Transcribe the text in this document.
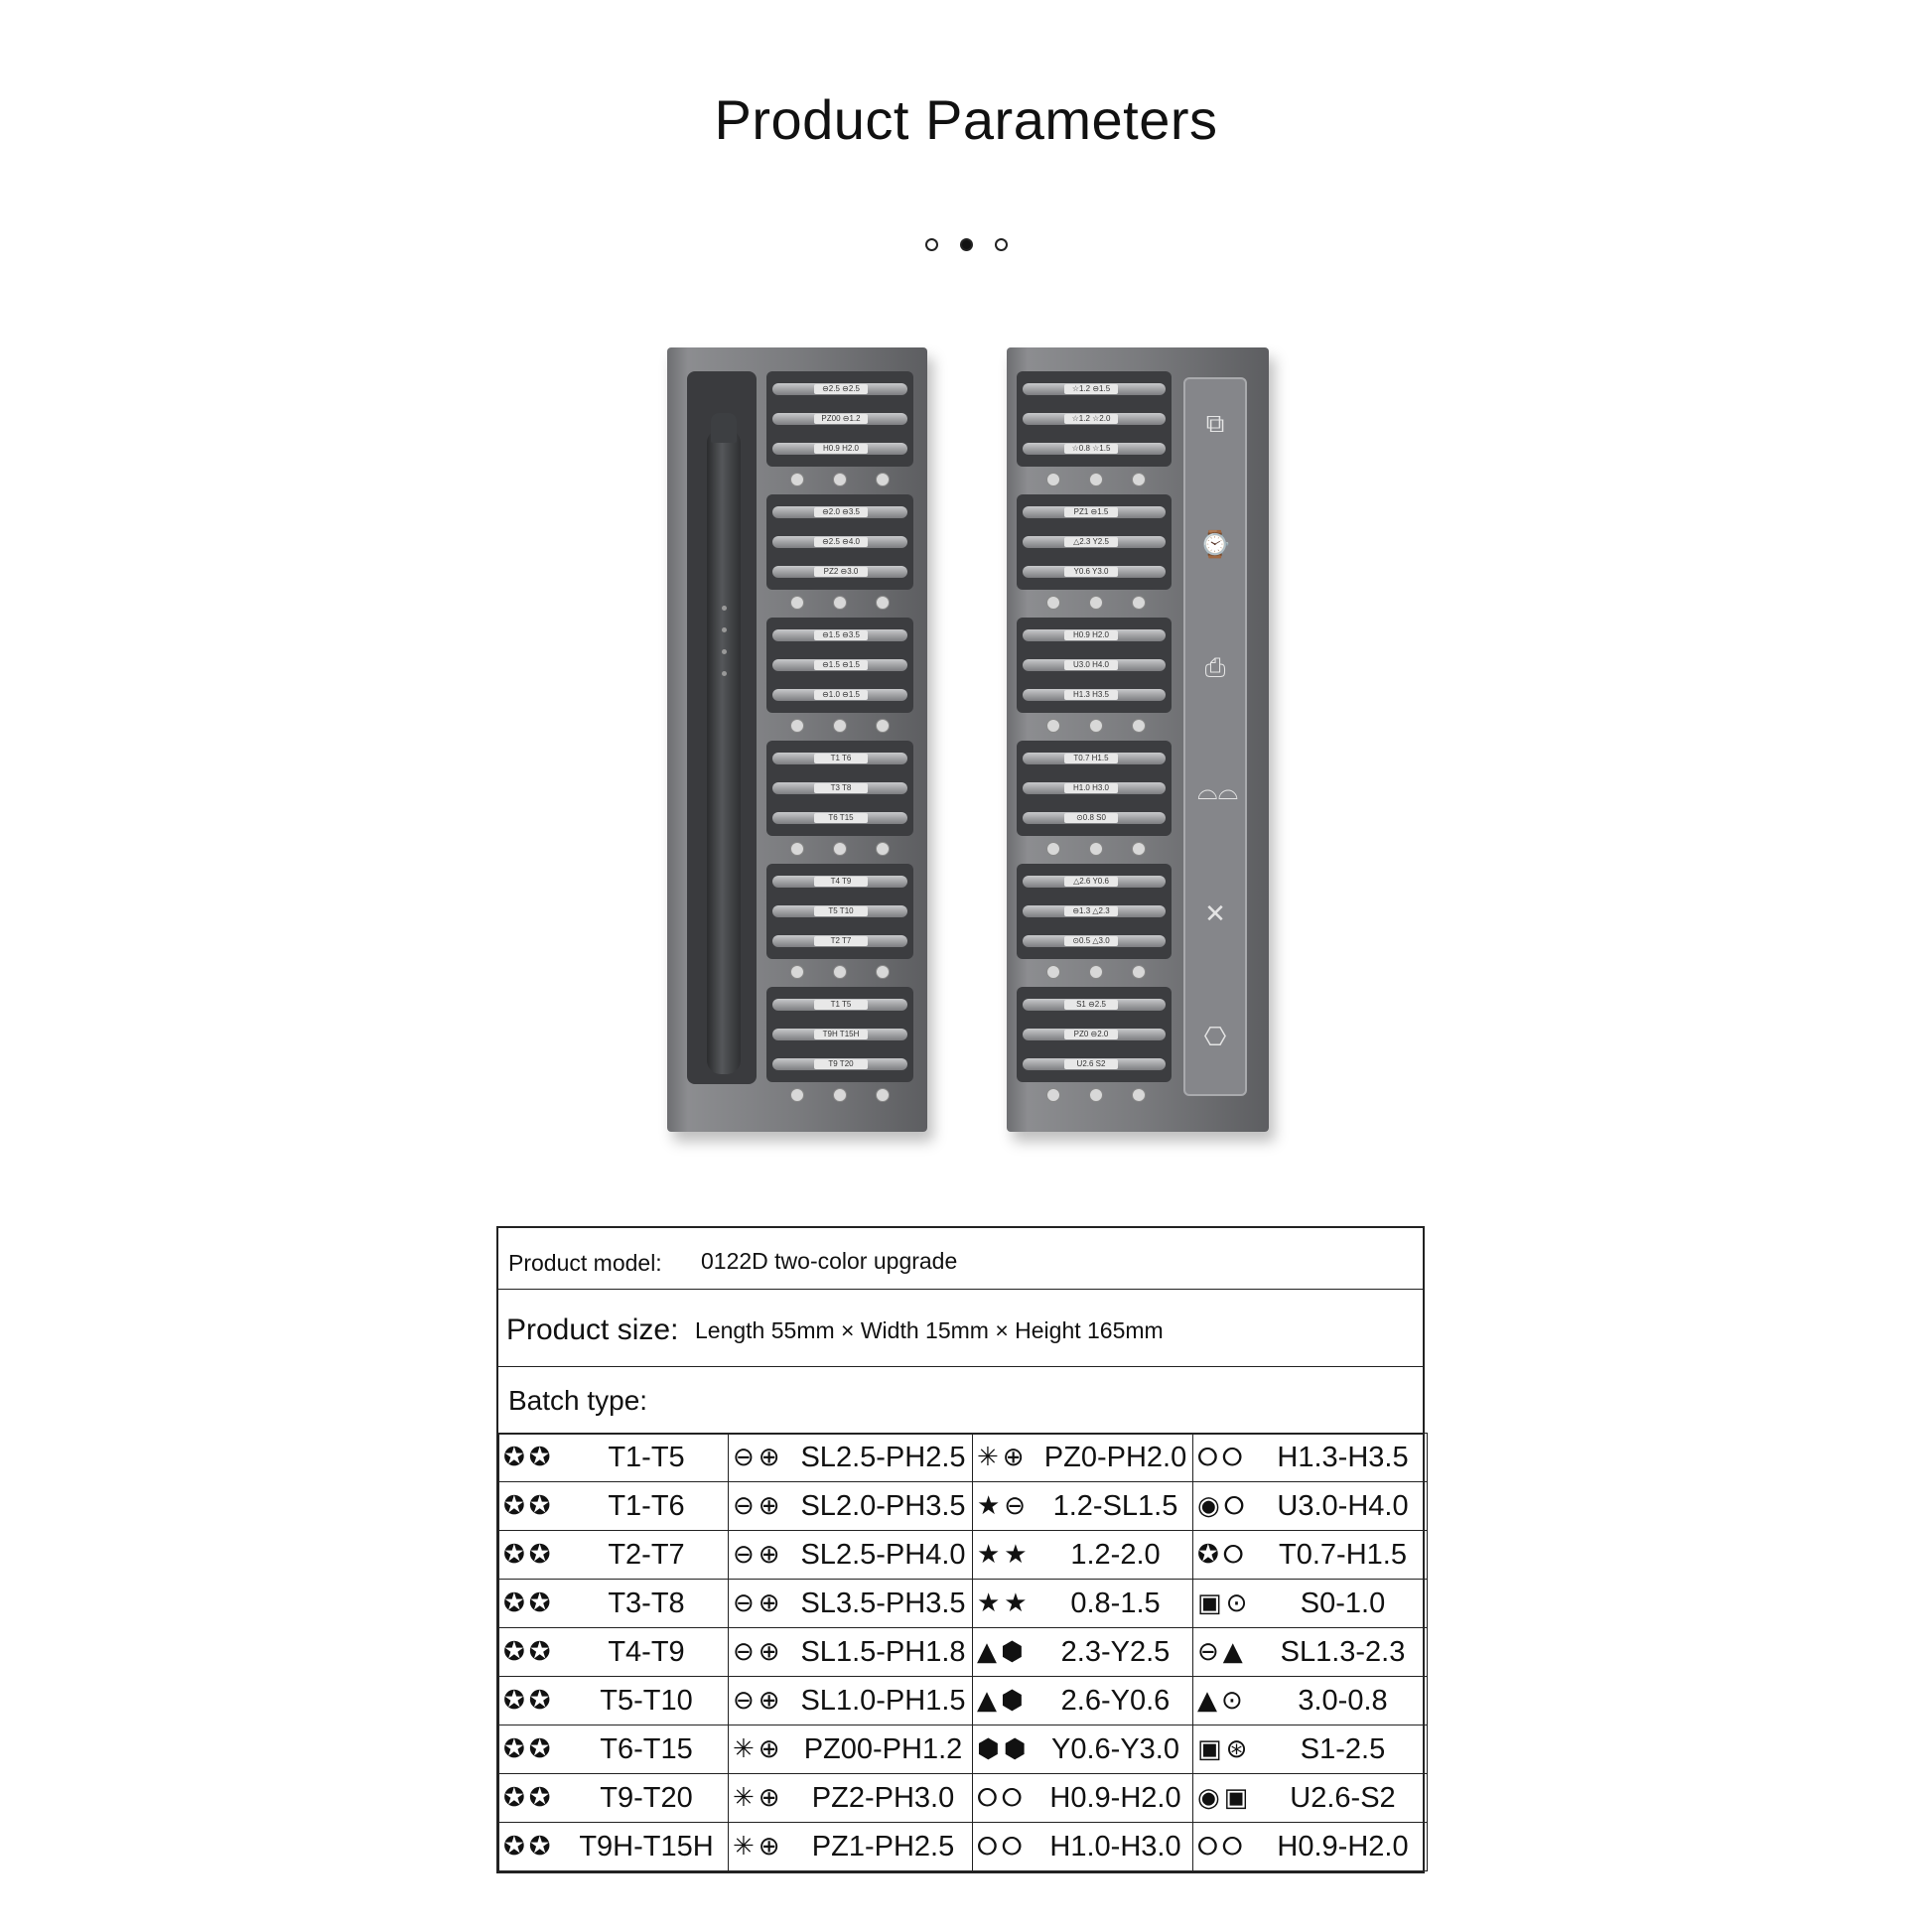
Product Parameters
⊖2.5 ⊖2.5
PZ00 ⊖1.2
H0.9 H2.0
⊖2.0 ⊖3.5
⊖2.5 ⊖4.0
PZ2 ⊖3.0
⊖1.5 ⊖3.5
⊖1.5 ⊖1.5
⊖1.0 ⊖1.5
T1 T6
T3 T8
T6 T15
T4 T9
T5 T10
T2 T7
T1 T5
T9H T15H
T9 T20
☆1.2 ⊖1.5
☆1.2 ☆2.0
☆0.8 ☆1.5
PZ1 ⊖1.5
△2.3 Y2.5
Y0.6 Y3.0
H0.9 H2.0
U3.0 H4.0
H1.3 H3.5
T0.7 H1.5
H1.0 H3.0
⊙0.8 S0
△2.6 Y0.6
⊖1.3 △2.3
⊙0.5 △3.0
S1 ⊖2.5
PZ0 ⊖2.0
U2.6 S2
⧉
⌚
⎙
⌓⌓
✕
⎔
Product model: 0122D two-color upgrade
Product size: Length 55mm × Width 15mm × Height 165mm
Batch type:
✪✪ T1-T5	⊖⊕ SL2.5-PH2.5	✳⊕ PZ0-PH2.0	⭘⭘ H1.3-H3.5

✪✪ T1-T6	⊖⊕ SL2.0-PH3.5	★⊖ 1.2-SL1.5	◉⭘ U3.0-H4.0

✪✪ T2-T7	⊖⊕ SL2.5-PH4.0	★★ 1.2-2.0	✪⭘ T0.7-H1.5

✪✪ T3-T8	⊖⊕ SL3.5-PH3.5	★★ 0.8-1.5	▣⊙ S0-1.0

✪✪ T4-T9	⊖⊕ SL1.5-PH1.8	▲⬢ 2.3-Y2.5	⊖▲ SL1.3-2.3

✪✪ T5-T10	⊖⊕ SL1.0-PH1.5	▲⬢ 2.6-Y0.6	▲⊙ 3.0-0.8

✪✪ T6-T15	✳⊕ PZ00-PH1.2	⬢⬢ Y0.6-Y3.0	▣⊛ S1-2.5

✪✪ T9-T20	✳⊕ PZ2-PH3.0	⭘⭘ H0.9-H2.0	◉▣ U2.6-S2

✪✪ T9H-T15H	✳⊕ PZ1-PH2.5	⭘⭘ H1.0-H3.0	⭘⭘ H0.9-H2.0
